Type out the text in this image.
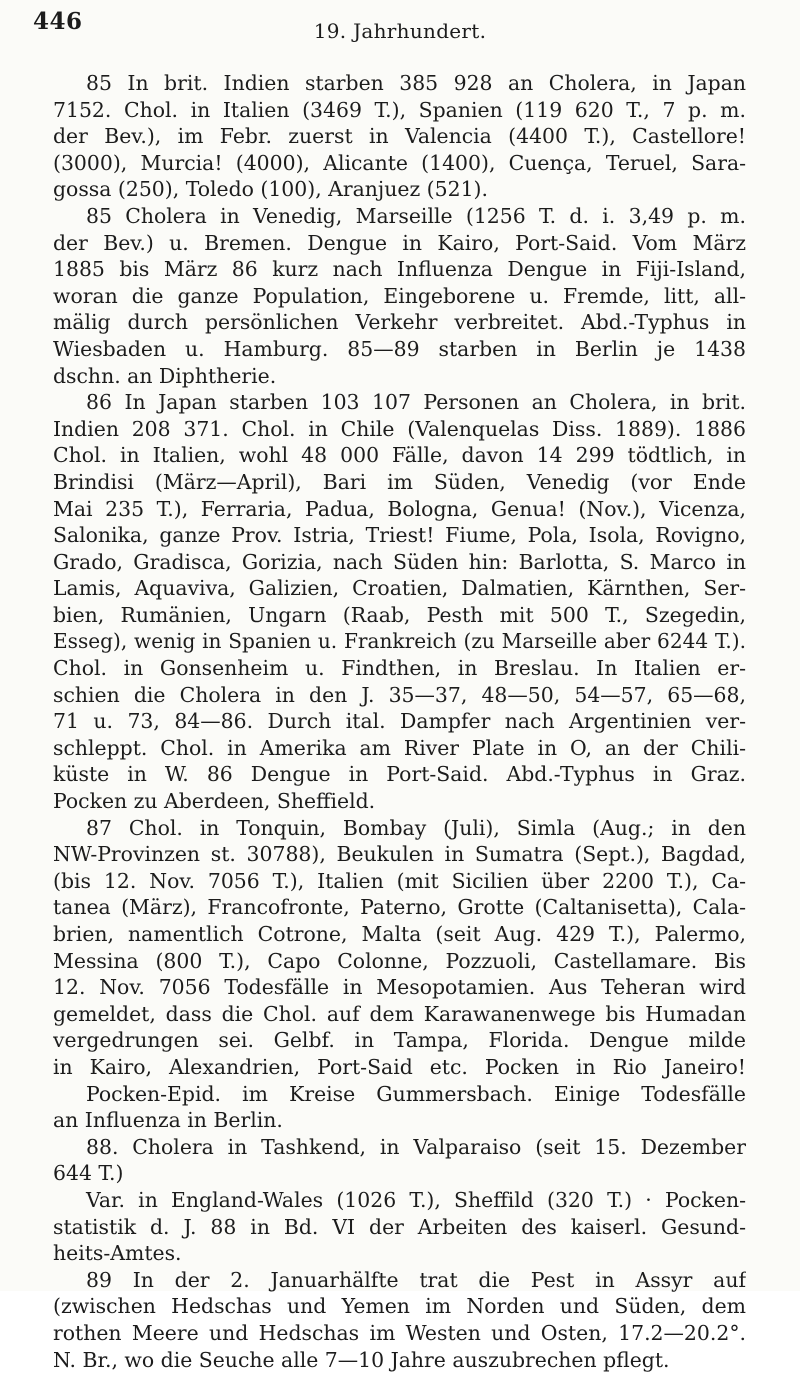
446	19. Jahrhundert.
85 In brit. Indien starben 385 928 an Cholera, in Japan
7152. Chol. in Italien (3469 T.), Spanien (119 620 T., 7 p. m.
der Bev.), im Febr. zuerst in Valencia (4400 T.), Castellore!
(3000), Murcia! (4000), Alicante (1400), Cuença, Teruel, Sara-
gossa (250), Toledo (100), Aranjuez (521).
85 Cholera in Venedig, Marseille (1256 T. d. i. 3,49 p. m.
der Bev.) u. Bremen. Dengue in Kairo, Port-Said. Vom März
1885 bis März 86 kurz nach Influenza Dengue in Fiji-Island,
woran die ganze Population, Eingeborene u. Fremde, litt, all-
mälig durch persönlichen Verkehr verbreitet. Abd.-Typhus in
Wiesbaden u. Hamburg. 85—89 starben in Berlin je 1438
dschn. an Diphtherie.
86 In Japan starben 103 107 Personen an Cholera, in brit.
Indien 208 371. Chol. in Chile (Valenquelas Diss. 1889). 1886
Chol. in Italien, wohl 48 000 Fälle, davon 14 299 tödtlich, in
Brindisi (März—April), Bari im Süden, Venedig (vor Ende
Mai 235 T.), Ferraria, Padua, Bologna, Genua! (Nov.), Vicenza,
Salonika, ganze Prov. Istria, Triest! Fiume, Pola, Isola, Rovigno,
Grado, Gradisca, Gorizia, nach Süden hin: Barlotta, S. Marco in
Lamis, Aquaviva, Galizien, Croatien, Dalmatien, Kärnthen, Ser-
bien, Rumänien, Ungarn (Raab, Pesth mit 500 T., Szegedin,
Esseg), wenig in Spanien u. Frankreich (zu Marseille aber 6244 T.).
Chol. in Gonsenheim u. Findthen, in Breslau. In Italien er-
schien die Cholera in den J. 35—37, 48—50, 54—57, 65—68,
71 u. 73, 84—86. Durch ital. Dampfer nach Argentinien ver-
schleppt. Chol. in Amerika am River Plate in O, an der Chili-
küste in W. 86 Dengue in Port-Said. Abd.-Typhus in Graz.
Pocken zu Aberdeen, Sheffield.
87 Chol. in Tonquin, Bombay (Juli), Simla (Aug.; in den
NW-Provinzen st. 30788), Beukulen in Sumatra (Sept.), Bagdad,
(bis 12. Nov. 7056 T.), Italien (mit Sicilien über 2200 T.), Ca-
tanea (März), Francofronte, Paterno, Grotte (Caltanisetta), Cala-
brien, namentlich Cotrone, Malta (seit Aug. 429 T.), Palermo,
Messina (800 T.), Capo Colonne, Pozzuoli, Castellamare. Bis
12. Nov. 7056 Todesfälle in Mesopotamien. Aus Teheran wird
gemeldet, dass die Chol. auf dem Karawanenwege bis Humadan
vergedrungen sei. Gelbf. in Tampa, Florida. Dengue milde
in Kairo, Alexandrien, Port-Said etc. Pocken in Rio Janeiro!
Pocken-Epid. im Kreise Gummersbach. Einige Todesfälle
an Influenza in Berlin.
88. Cholera in Tashkend, in Valparaiso (seit 15. Dezember
644 T.)
Var. in England-Wales (1026 T.), Sheffild (320 T.) · Pocken-
statistik d. J. 88 in Bd. VI der Arbeiten des kaiserl. Gesund-
heits-Amtes.
89 In der 2. Januarhälfte trat die Pest in Assyr auf
(zwischen Hedschas und Yemen im Norden und Süden, dem
rothen Meere und Hedschas im Westen und Osten, 17.2—20.2°.
N. Br., wo die Seuche alle 7—10 Jahre auszubrechen pflegt.
